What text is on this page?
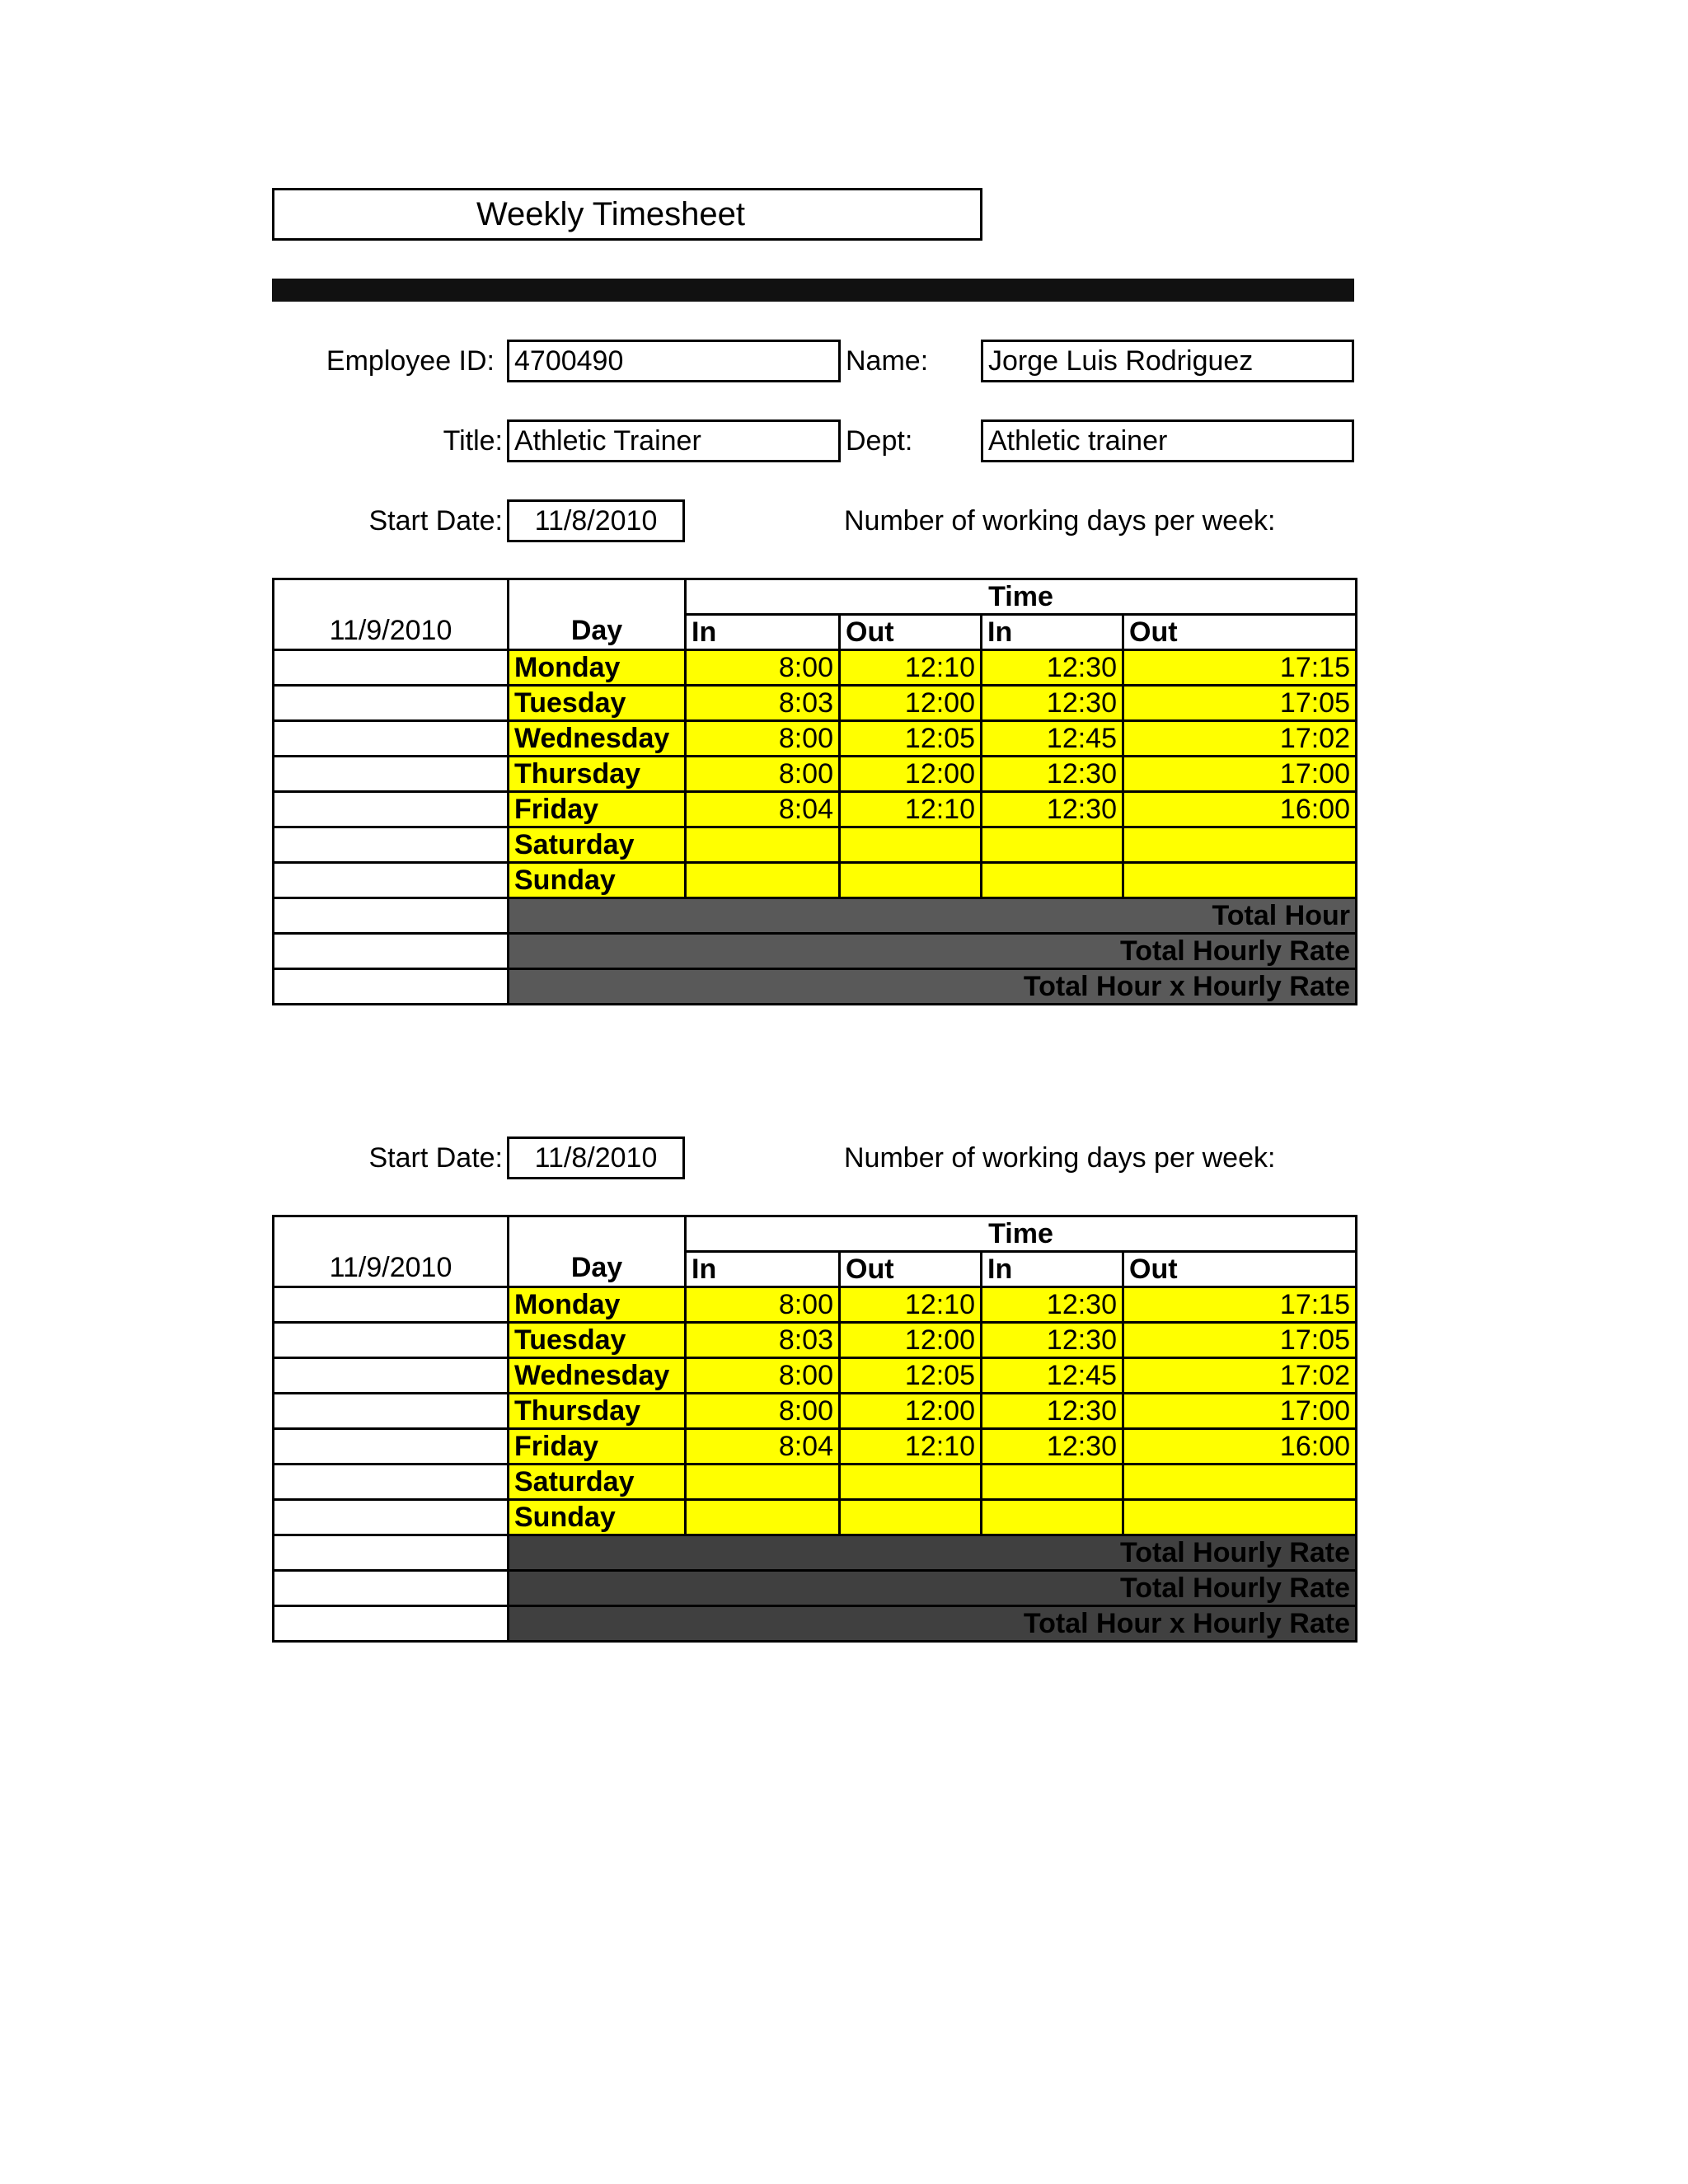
Weekly Timesheet
Employee ID: 4700490	Name:	Jorge Luis Rodriguez
Title: Athletic Trainer	Dept:	Athletic trainer
Start Date:	11/8/2010	Number of working days per week:
11/9/2010	Day	Time			
		In	Out	In	Out
	Monday	8:00	12:10	12:30	17:15
	Tuesday	8:03	12:00	12:30	17:05
	Wednesday	8:00	12:05	12:45	17:02
	Thursday	8:00	12:00	12:30	17:00
	Friday	8:04	12:10	12:30	16:00
	Saturday				
	Sunday				
	Total Hour				
	Total Hourly Rate				
	Total Hour x Hourly Rate				
Start Date:	11/8/2010	Number of working days per week:
11/9/2010	Day	Time			
		In	Out	In	Out
	Monday	8:00	12:10	12:30	17:15
	Tuesday	8:03	12:00	12:30	17:05
	Wednesday	8:00	12:05	12:45	17:02
	Thursday	8:00	12:00	12:30	17:00
	Friday	8:04	12:10	12:30	16:00
	Saturday				
	Sunday				
	Total Hourly Rate				
	Total Hourly Rate				
	Total Hour x Hourly Rate				
